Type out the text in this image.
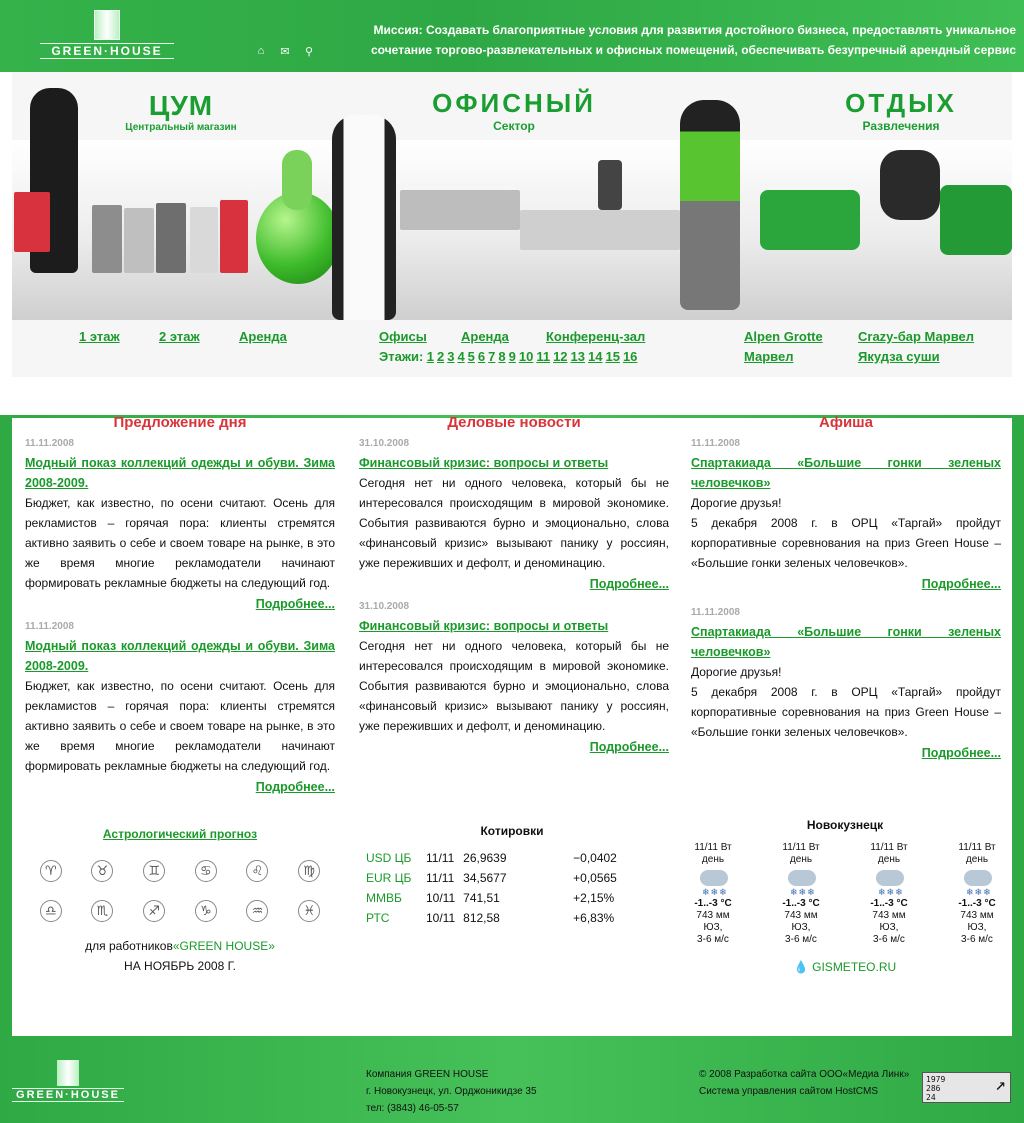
GREEN·HOUSE	⌂	✉ ⚲
Миссия: Создавать благоприятные условия для развития достойного бизнеса, предоставлять уникальное сочетание торгово-развлекательных и офисных помещений, обеспечивать безупречный арендный сервис
ЦУМ
Центральный магазин
ОФИСНЫЙ
Сектор
ОТДЫХ
Развлечения
1 этаж	2 этаж	Аренда	Офисы	Аренда	Конференц-зал
Этажи: 1 2 3 4 5 6 7 8 9 10 11 12 13 14 15 16
Alpen Grotte	Crazy-бар Марвел
Марвел	Якудза суши
Предложение дня
11.11.2008
Модный показ коллекций одежды и обуви. Зима 2008-2009.
Бюджет, как известно, по осени считают. Осень для рекламистов – горячая пора: клиенты стремятся активно заявить о себе и своем товаре на рынке, в это же время многие рекламодатели начинают формировать рекламные бюджеты на следующий год.
Подробнее...
11.11.2008
Модный показ коллекций одежды и обуви. Зима 2008-2009.
Бюджет, как известно, по осени считают. Осень для рекламистов – горячая пора: клиенты стремятся активно заявить о себе и своем товаре на рынке, в это же время многие рекламодатели начинают формировать рекламные бюджеты на следующий год.
Подробнее...
Деловые новости
31.10.2008
Финансовый кризис: вопросы и ответы
Сегодня нет ни одного человека, который бы не интересовался происходящим в мировой экономике. События развиваются бурно и эмоционально, слова «финансовый кризис» вызывают панику у россиян, уже переживших и дефолт, и деноминацию.
Подробнее...
31.10.2008
Финансовый кризис: вопросы и ответы
Сегодня нет ни одного человека, который бы не интересовался происходящим в мировой экономике. События развиваются бурно и эмоционально, слова «финансовый кризис» вызывают панику у россиян, уже переживших и дефолт, и деноминацию.
Подробнее...
Афиша
11.11.2008
Спартакиада «Большие гонки зеленых человечков»
Дорогие друзья!
5 декабря 2008 г. в ОРЦ «Таргай» пройдут корпоративные соревнования на приз Green House – «Большие гонки зеленых человечков».
Подробнее...
11.11.2008
Спартакиада «Большие гонки зеленых человечков»
Дорогие друзья!
5 декабря 2008 г. в ОРЦ «Таргай» пройдут корпоративные соревнования на приз Green House – «Большие гонки зеленых человечков».
Подробнее...
Астрологический прогноз
♈	♉	♊	♋	♌	♍
♎	♏	♐	♑	♒	♓
для работников«GREEN HOUSE»
НА НОЯБРЬ 2008 Г.
Котировки
USD ЦБ	11/11	26,9639	−0,0402
EUR ЦБ	11/11	34,5677	+0,0565
ММВБ	10/11	741,51	+2,15%
РТС	10/11	812,58	+6,83%
Новокузнецк
11/11 Вт
день
❄❄❄
-1..-3 °C
743 мм
ЮЗ,
3-6 м/с
11/11 Вт
день
❄❄❄
-1..-3 °C
743 мм
ЮЗ,
3-6 м/с
11/11 Вт
день
❄❄❄
-1..-3 °C
743 мм
ЮЗ,
3-6 м/с
11/11 Вт
день
❄❄❄
-1..-3 °C
743 мм
ЮЗ,
3-6 м/с
💧 GISMETEO.RU
GREEN·HOUSE
Компания GREEN HOUSE
г. Новокузнецк, ул. Орджоникидзе 35
тел: (3843) 46-05-57
© 2008 Разработка сайта ООО«Медиа Линк»
Система управления сайтом HostCMS
1979
286
24
↗
